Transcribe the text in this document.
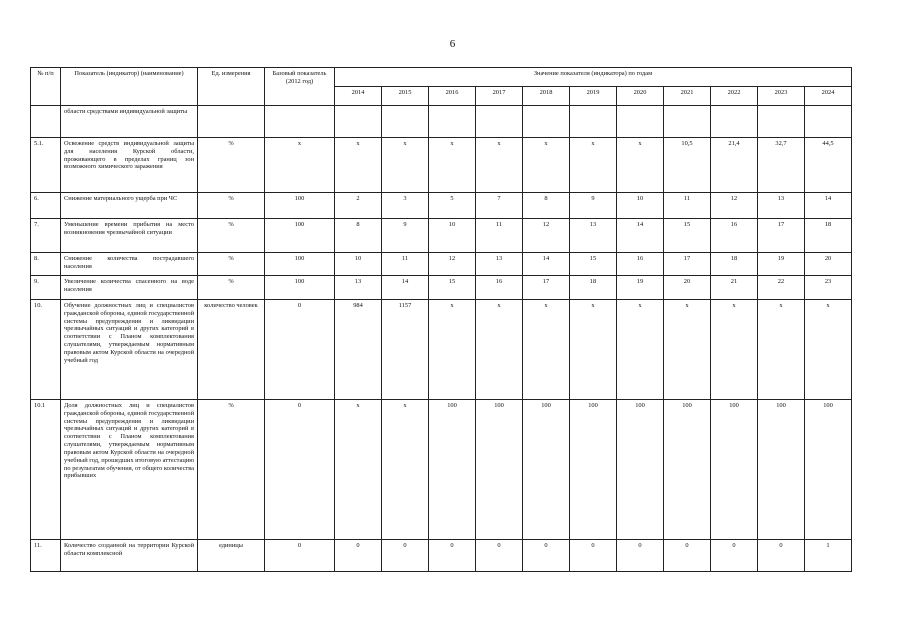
6
№ п/п	Показатель (индикатор) (наименование)	Ед. измерения	Базовый показатель (2012 год)	Значение показателя (индикатора) по годам										
				2014	2015	2016	2017	2018	2019	2020	2021	2022	2023	2024
	области средствами индивидуальной защиты													
5.1.	Освежение средств индивидуальной защиты для населения Курской области, проживающего в пределах границ зон возможного химического заражения	%	х	х	х	х	х	х	х	х	10,5	21,4	32,7	44,5
6.	Снижение материального ущерба при ЧС	%	100	2	3	5	7	8	9	10	11	12	13	14
7.	Уменьшение времени прибытия на место возникновения чрезвычайной ситуации	%	100	8	9	10	11	12	13	14	15	16	17	18
8.	Снижение количества пострадавшего населения	%	100	10	11	12	13	14	15	16	17	18	19	20
9.	Увеличение количества спасенного на воде населения	%	100	13	14	15	16	17	18	19	20	21	22	23
10.	Обучение должностных лиц и специалистов гражданской обороны, единой государственной системы предупреждения и ликвидации чрезвычайных ситуаций и других категорий в соответствии с Планом комплектования слушателями, утверждаемым нормативным правовым актом Курской области на очередной учебный год	количество человек	0	984	1157	х	х	х	х	х	х	х	х	х
10.1	Доля должностных лиц и специалистов гражданской обороны, единой государственной системы предупреждения и ликвидации чрезвычайных ситуаций и других категорий в соответствии с Планом комплектования слушателями, утверждаемым нормативным правовым актом Курской области на очередной учебный год, прошедших итоговую аттестацию по результатам обучения, от общего количества прибывших	%	0	х	х	100	100	100	100	100	100	100	100	100
11.	Количество созданной на территории Курской области комплексной	единицы	0	0	0	0	0	0	0	0	0	0	0	1
